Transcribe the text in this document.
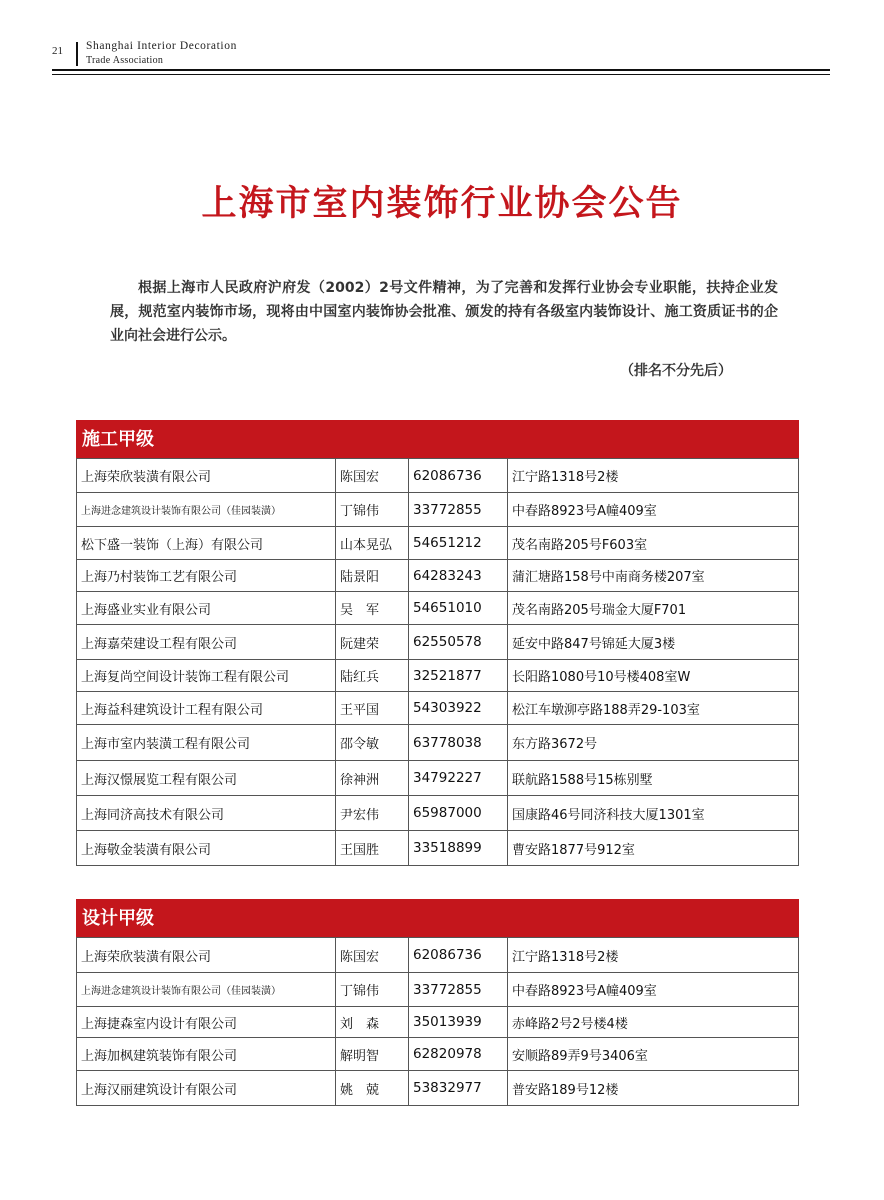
21 Shanghai Interior Decoration
Trade Association
上海市室内装饰行业协会公告
根据上海市人民政府沪府发（2002）2号文件精神，为了完善和发挥行业协会专业职能，扶持企业发展，规范室内装饰市场，现将由中国室内装饰协会批准、颁发的持有各级室内装饰设计、施工资质证书的企业向社会进行公示。
（排名不分先后）
施工甲级
上海荣欣装潢有限公司	陈国宏	62086736	江宁路1318号2楼
上海进念建筑设计装饰有限公司（佳园装潢）	丁锦伟	33772855	中春路8923号A幢409室
松下盛一装饰（上海）有限公司	山本晃弘	54651212	茂名南路205号F603室
上海乃村装饰工艺有限公司	陆景阳	64283243	蒲汇塘路158号中南商务楼207室
上海盛业实业有限公司	吴　军	54651010	茂名南路205号瑞金大厦F701
上海嘉荣建设工程有限公司	阮建荣	62550578	延安中路847号锦延大厦3楼
上海复尚空间设计装饰工程有限公司	陆红兵	32521877	长阳路1080号10号楼408室W
上海益科建筑设计工程有限公司	王平国	54303922	松江车墩泖亭路188弄29-103室
上海市室内装潢工程有限公司	邵令敏	63778038	东方路3672号
上海汉憬展览工程有限公司	徐神洲	34792227	联航路1588号15栋别墅
上海同济高技术有限公司	尹宏伟	65987000	国康路46号同济科技大厦1301室
上海敬金装潢有限公司	王国胜	33518899	曹安路1877号912室
设计甲级
上海荣欣装潢有限公司	陈国宏	62086736	江宁路1318号2楼
上海进念建筑设计装饰有限公司（佳园装潢）	丁锦伟	33772855	中春路8923号A幢409室
上海捷森室内设计有限公司	刘　森	35013939	赤峰路2号2号楼4楼
上海加枫建筑装饰有限公司	解明智	62820978	安顺路89弄9号3406室
上海汉丽建筑设计有限公司	姚　兢	53832977	普安路189号12楼
